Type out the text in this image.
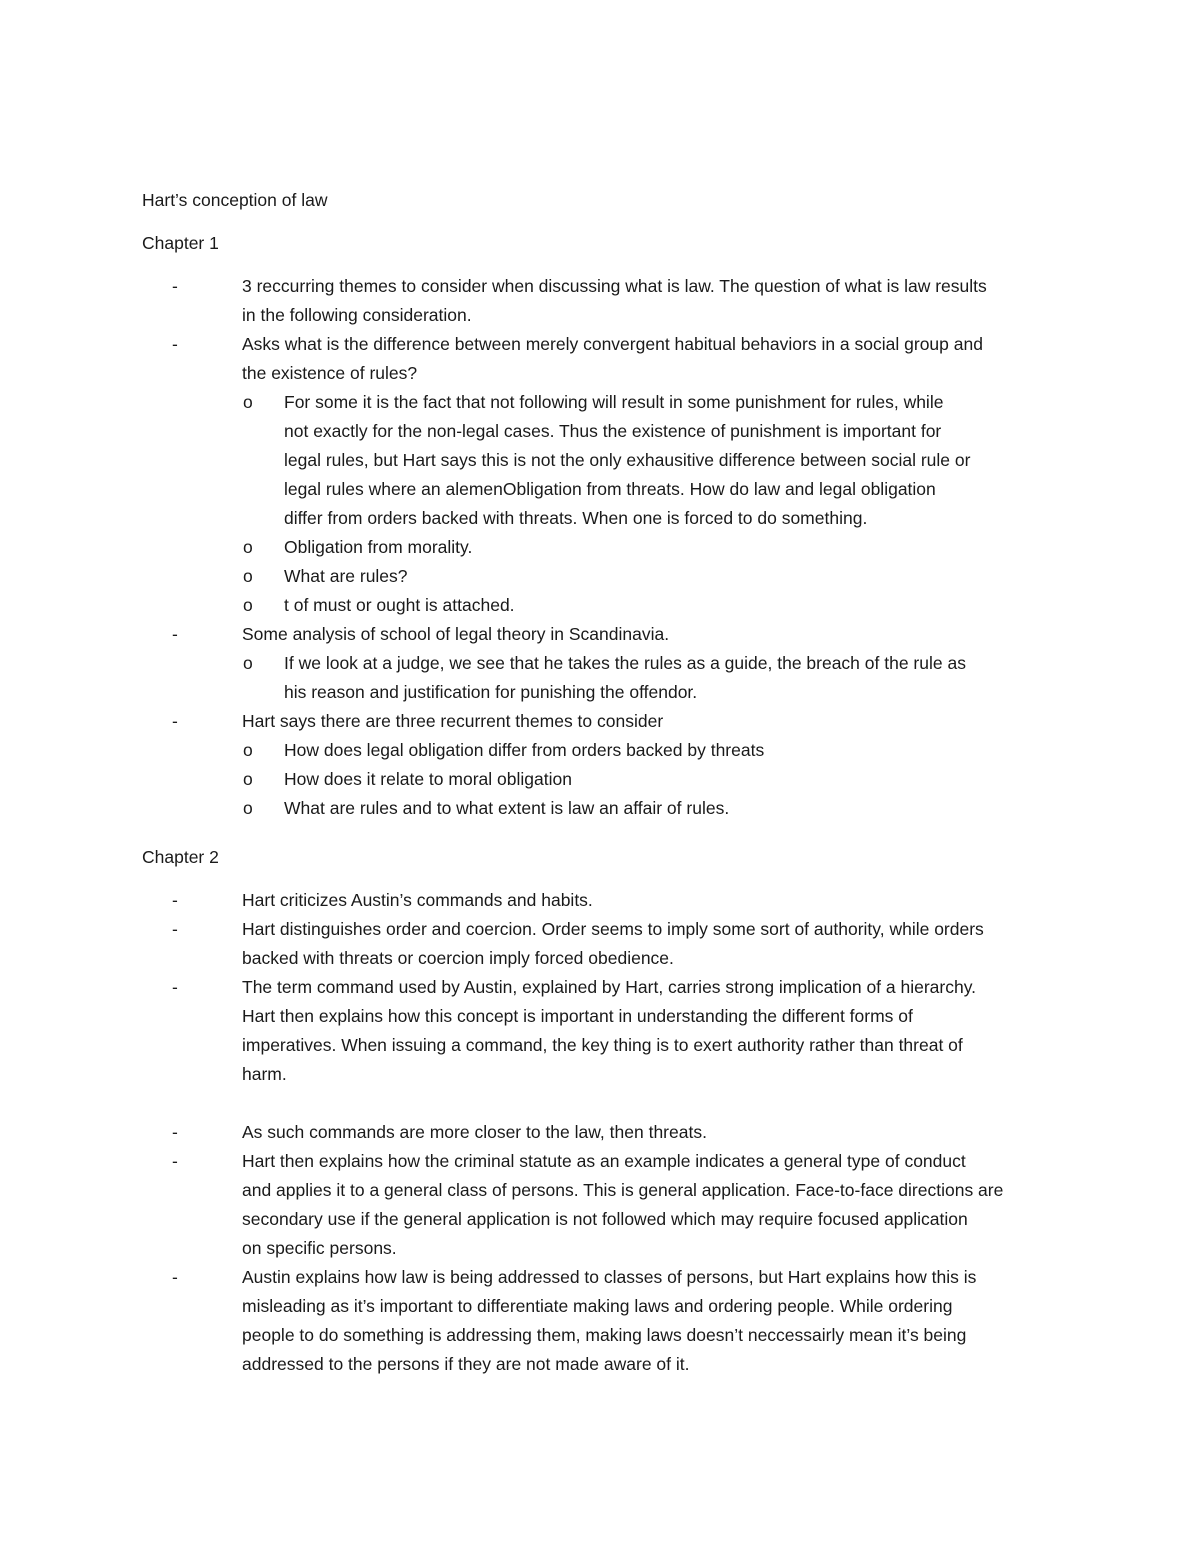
Hart’s conception of law
Chapter 1
-	3 reccurring themes to consider when discussing what is law. The question of what is law results
in the following consideration.
-	Asks what is the difference between merely convergent habitual behaviors in a social group and
the existence of rules?
o	For some it is the fact that not following will result in some punishment for rules, while
not exactly for the non-legal cases. Thus the existence of punishment is important for
legal rules, but Hart says this is not the only exhausitive difference between social rule or
legal rules where an alemenObligation from threats. How do law and legal obligation
differ from orders backed with threats. When one is forced to do something.
o	Obligation from morality.
o	What are rules?
o	t of must or ought is attached.
-	Some analysis of school of legal theory in Scandinavia.
o	If we look at a judge, we see that he takes the rules as a guide, the breach of the rule as
his reason and justification for punishing the offendor.
-	Hart says there are three recurrent themes to consider
o	How does legal obligation differ from orders backed by threats
o	How does it relate to moral obligation
o	What are rules and to what extent is law an affair of rules.
Chapter 2
-	Hart criticizes Austin’s commands and habits.
-	Hart distinguishes order and coercion. Order seems to imply some sort of authority, while orders
backed with threats or coercion imply forced obedience.
-	The term command used by Austin, explained by Hart, carries strong implication of a hierarchy.
Hart then explains how this concept is important in understanding the different forms of
imperatives. When issuing a command, the key thing is to exert authority rather than threat of
harm.
-	As such commands are more closer to the law, then threats.
-	Hart then explains how the criminal statute as an example indicates a general type of conduct
and applies it to a general class of persons. This is general application. Face-to-face directions are
secondary use if the general application is not followed which may require focused application
on specific persons.
-	Austin explains how law is being addressed to classes of persons, but Hart explains how this is
misleading as it’s important to differentiate making laws and ordering people. While ordering
people to do something is addressing them, making laws doesn’t neccessairly mean it’s being
addressed to the persons if they are not made aware of it.
